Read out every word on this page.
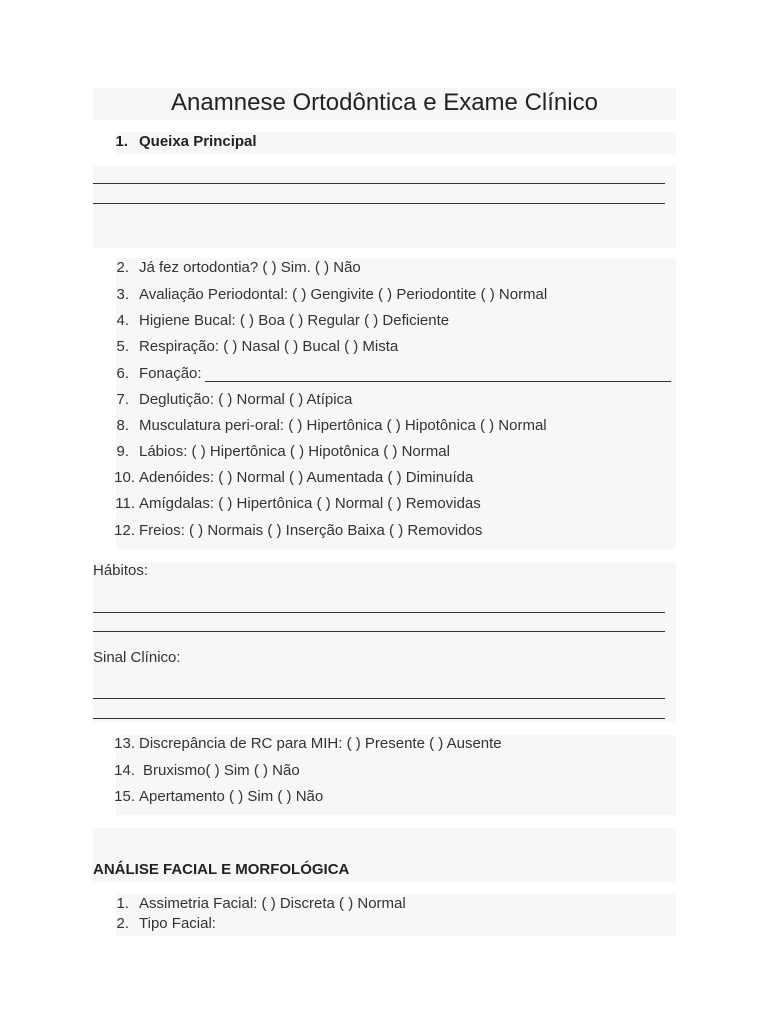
Anamnese Ortodôntica e Exame Clínico
1. Queixa Principal
2. Já fez ortodontia? ( ) Sim. ( ) Não
3. Avaliação Periodontal: ( ) Gengivite ( ) Periodontite ( ) Normal
4. Higiene Bucal: ( ) Boa ( ) Regular ( ) Deficiente
5. Respiração: ( ) Nasal ( ) Bucal ( ) Mista
6. Fonação:
7. Deglutição: ( ) Normal ( ) Atípica
8. Musculatura peri-oral: ( ) Hipertônica ( ) Hipotônica ( ) Normal
9. Lábios: ( ) Hipertônica ( ) Hipotônica ( ) Normal
10. Adenóides: ( ) Normal ( ) Aumentada ( ) Diminuída
11. Amígdalas: ( ) Hipertônica ( ) Normal ( ) Removidas
12. Freios: ( ) Normais ( ) Inserção Baixa ( ) Removidos
Hábitos:
Sinal Clínico:
13. Discrepância de RC para MIH: ( ) Presente ( ) Ausente
14. Bruxismo( ) Sim ( ) Não
15. Apertamento ( ) Sim ( ) Não
ANÁLISE FACIAL E MORFOLÓGICA
1. Assimetria Facial: ( ) Discreta ( ) Normal
2. Tipo Facial:
